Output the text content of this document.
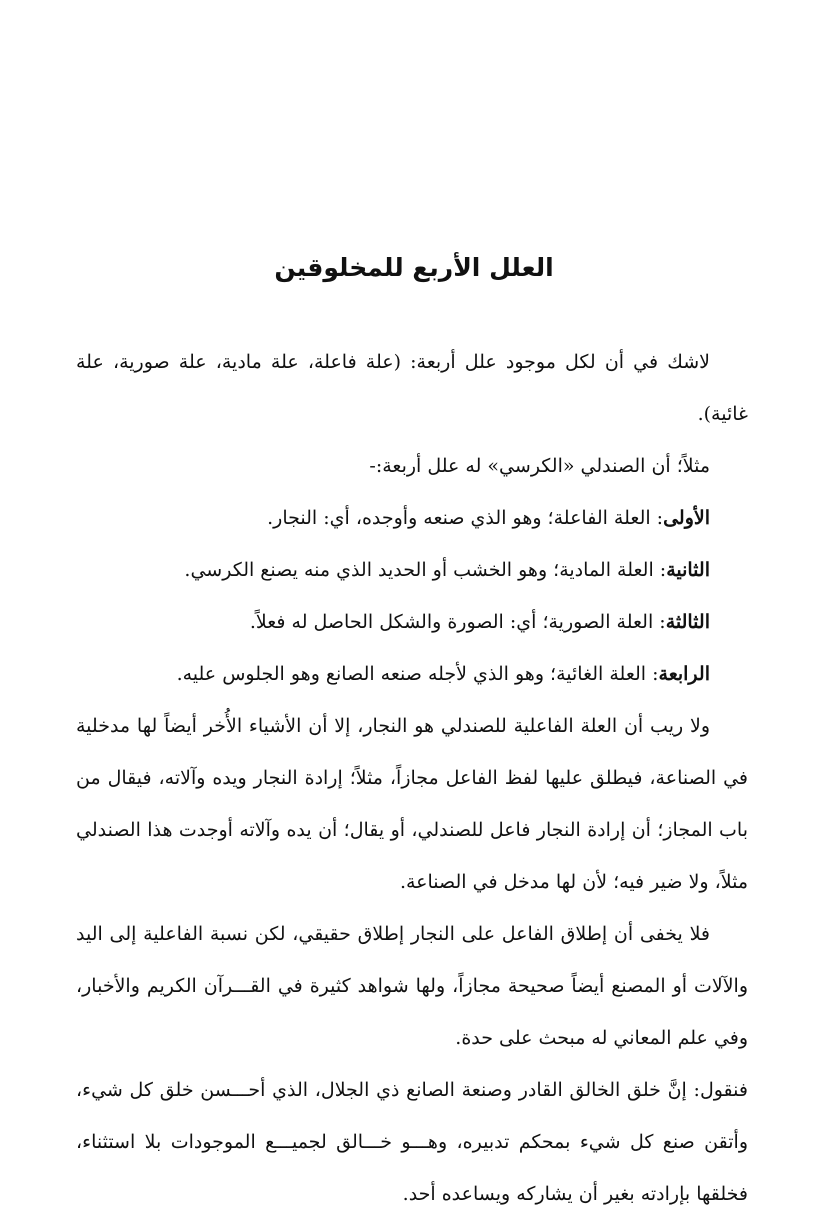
العلل الأربع للمخلوقين

لاشك في أن لكل موجود علل أربعة: (علة فاعلة، علة مادية، علة صورية، علة غائية).

مثلاً؛ أن الصندلي «الكرسي» له علل أربعة:-

الأولى: العلة الفاعلة؛ وهو الذي صنعه وأوجده، أي: النجار.

الثانية: العلة المادية؛ وهو الخشب أو الحديد الذي منه يصنع الكرسي.

الثالثة: العلة الصورية؛ أي: الصورة والشكل الحاصل له فعلاً.

الرابعة: العلة الغائية؛ وهو الذي لأجله صنعه الصانع وهو الجلوس عليه.

ولا ريب أن العلة الفاعلية للصندلي هو النجار، إلا أن الأشياء الأُخر أيضاً لها مدخلية في الصناعة، فيطلق عليها لفظ الفاعل مجازاً، مثلاً؛ إرادة النجار ويده وآلاته، فيقال من باب المجاز؛ أن إرادة النجار فاعل للصندلي، أو يقال؛ أن يده وآلاته أوجدت هذا الصندلي مثلاً، ولا ضير فيه؛ لأن لها مدخل في الصناعة.

فلا يخفى أن إطلاق الفاعل على النجار إطلاق حقيقي، لكن نسبة الفاعلية إلى اليد والآلات أو المصنع أيضاً صحيحة مجازاً، ولها شواهد كثيرة في القـــرآن الكريم والأخبار، وفي علم المعاني له مبحث على حدة.

فنقول: إنَّ خلق الخالق القادر وصنعة الصانع ذي الجلال، الذي أحـــسن خلق كل شيء، وأتقن صنع كل شيء بمحكم تدبيره، وهـــو خـــالق لجميـــع الموجودات بلا استثناء، فخلقها بإرادته بغير أن يشاركه ويساعده أحد.
